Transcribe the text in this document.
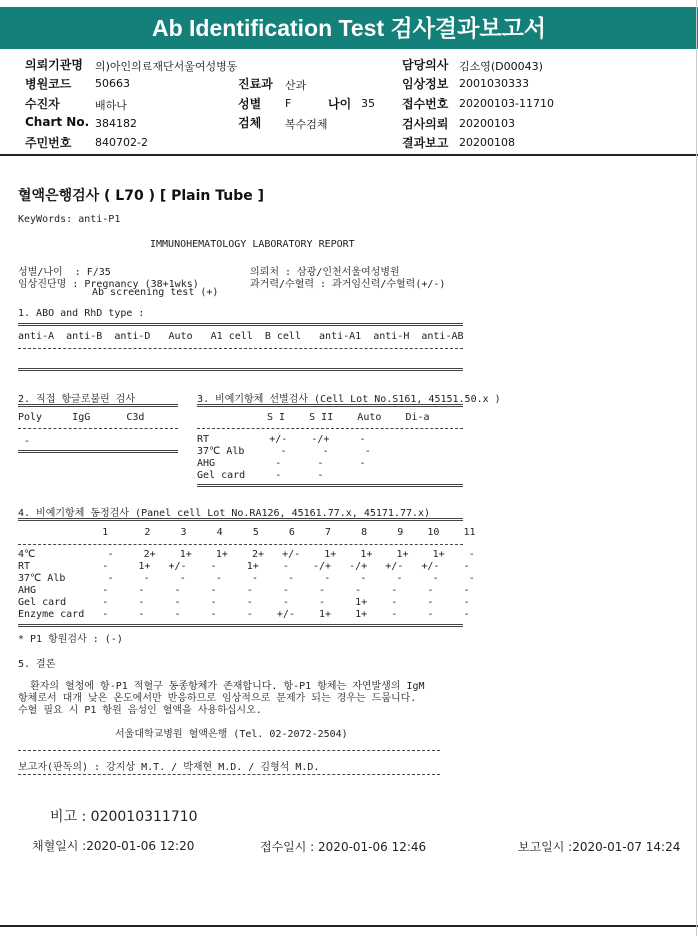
Ab Identification Test 검사결과보고서
의뢰기관명 의)아인의료재단서울여성병동	담당의사 김소영(D00043)
병원코드 50663	진료과 산과	임상정보 2001030333
수진자	배하나	성별 F	나이 35 접수번호 20200103-11710
Chart No. 384182	검체 복수검체	검사의뢰 20200103
주민번호 840702-2	결과보고 20200108
혈액은행검사 ( L70 ) [ Plain Tube ]
KeyWords: anti-P1
IMMUNOHEMATOLOGY LABORATORY REPORT
성별/나이  : F/35	의뢰처 : 삼광/인천서울여성병원
임상진단명 : Pregnancy (38+1wks)	과거력/수혈력 : 과거임신력/수혈력(+/-)
Ab screening test (+)
1. ABO and RhD type :
anti-A  anti-B  anti-D   Auto   A1 cell  B cell   anti-A1  anti-H  anti-AB
2. 직접 항글로불린 검사
Poly     IgG      C3d
-
3. 비예기항체 선별검사 (Cell Lot No.S161, 45151.50.x )
S I    S II    Auto    Di-a
RT          +/-    -/+     -
37℃ Alb      -      -      -
AHG          -      -      -
Gel card     -      -
4. 비예기항체 동정검사 (Panel cell Lot No.RA126, 45161.77.x, 45171.77.x)
1      2     3     4     5     6     7     8     9    10    11
4℃            -     2+    1+    1+    2+   +/-    1+    1+    1+    1+    -
RT            -     1+   +/-    -     1+    -    -/+   -/+   +/-   +/-    -
37℃ Alb       -     -     -     -     -     -     -     -     -     -     -
AHG           -     -     -     -     -     -     -     -     -     -     -
Gel card      -     -     -     -     -     -     -     1+    -     -     -
Enzyme card   -     -     -     -     -    +/-    1+    1+    -     -     -
* P1 항원검사 : (-)
5. 결론
환자의 혈청에 항-P1 적혈구 동종항체가 존재합니다. 항-P1 항체는 자연발생의 IgM
항체로서 대개 낮은 온도에서만 반응하므로 임상적으로 문제가 되는 경우는 드뭅니다.
수혈 필요 시 P1 항원 음성인 혈액을 사용하십시오.
서울대학교병원 혈액은행 (Tel. 02-2072-2504)
보고자(판독의) : 강지상 M.T. / 박재현 M.D. / 김형석 M.D.
비고 : 020010311710
채혈일시 :2020-01-06 12:20	접수일시 : 2020-01-06 12:46	보고일시 :2020-01-07 14:24
